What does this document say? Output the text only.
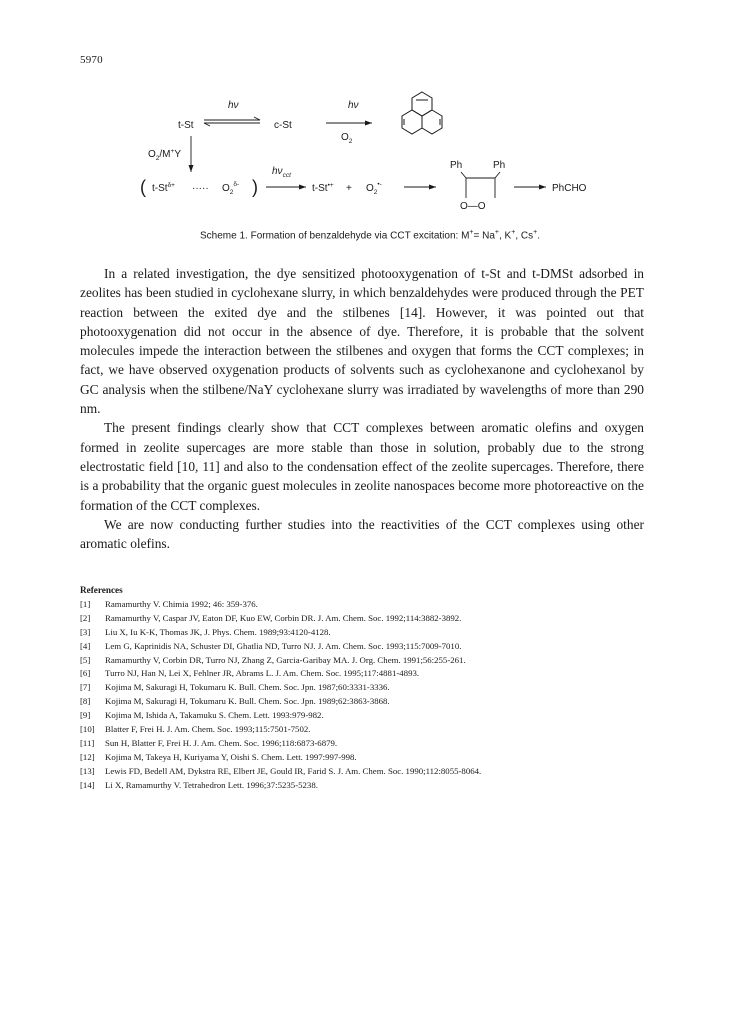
5970
t-St
hν
c-St
hν
$O_2$
$O_2/M^+Y$
( $t-St^{\delta+}$ ····· $O_2^{\delta-}$ )
$h\nu_{cct}$
$t-St^{•+} + O_2^{•-}$
Ph	Ph
O—O
PhCHO
Scheme 1. Formation of benzaldehyde via CCT excitation: M+= Na+, K+, Cs+.

In a related investigation, the dye sensitized photooxygenation of t-St and t-DMSt adsorbed in zeolites has been studied in cyclohexane slurry, in which benzaldehydes were produced through the PET reaction between the exited dye and the stilbenes [14]. However, it was pointed out that photooxygenation did not occur in the absence of dye. Therefore, it is probable that the solvent molecules impede the interaction between the stilbenes and oxygen that forms the CCT complexes; in fact, we have observed oxygenation products of solvents such as cyclohexanone and cyclohexanol by GC analysis when the stilbene/NaY cyclohexane slurry was irradiated by wavelengths of more than 290 nm.

The present findings clearly show that CCT complexes between aromatic olefins and oxygen formed in zeolite supercages are more stable than those in solution, probably due to the strong electrostatic field [10, 11] and also to the condensation effect of the zeolite supercages. Therefore, there is a probability that the organic guest molecules in zeolite nanospaces become more photoreactive on the formation of the CCT complexes.

We are now conducting further studies into the reactivities of the CCT complexes using other aromatic olefins.

References
[1]	Ramamurthy V. Chimia 1992; 46: 359-376.
[2]	Ramamurthy V, Caspar JV, Eaton DF, Kuo EW, Corbin DR. J. Am. Chem. Soc. 1992;114:3882-3892.
[3]	Liu X, Iu K-K, Thomas JK, J. Phys. Chem. 1989;93:4120-4128.
[4]	Lem G, Kaprinidis NA, Schuster DI, Ghatlia ND, Turro NJ. J. Am. Chem. Soc. 1993;115:7009-7010.
[5]	Ramamurthy V, Corbin DR, Turro NJ, Zhang Z, Garcia-Garibay MA. J. Org. Chem. 1991;56:255-261.
[6]	Turro NJ, Han N, Lei X, Fehlner JR, Abrams L. J. Am. Chem. Soc. 1995;117:4881-4893.
[7]	Kojima M, Sakuragi H, Tokumaru K. Bull. Chem. Soc. Jpn. 1987;60:3331-3336.
[8]	Kojima M, Sakuragi H, Tokumaru K. Bull. Chem. Soc. Jpn. 1989;62:3863-3868.
[9]	Kojima M, Ishida A, Takamuku S. Chem. Lett. 1993:979-982.
[10]	Blatter F, Frei H. J. Am. Chem. Soc. 1993;115:7501-7502.
[11]	Sun H, Blatter F, Frei H. J. Am. Chem. Soc. 1996;118:6873-6879.
[12]	Kojima M, Takeya H, Kuriyama Y, Oishi S. Chem. Lett. 1997:997-998.
[13]	Lewis FD, Bedell AM, Dykstra RE, Elbert JE, Gould IR, Farid S. J. Am. Chem. Soc. 1990;112:8055-8064.
[14]	Li X, Ramamurthy V. Tetrahedron Lett. 1996;37:5235-5238.
